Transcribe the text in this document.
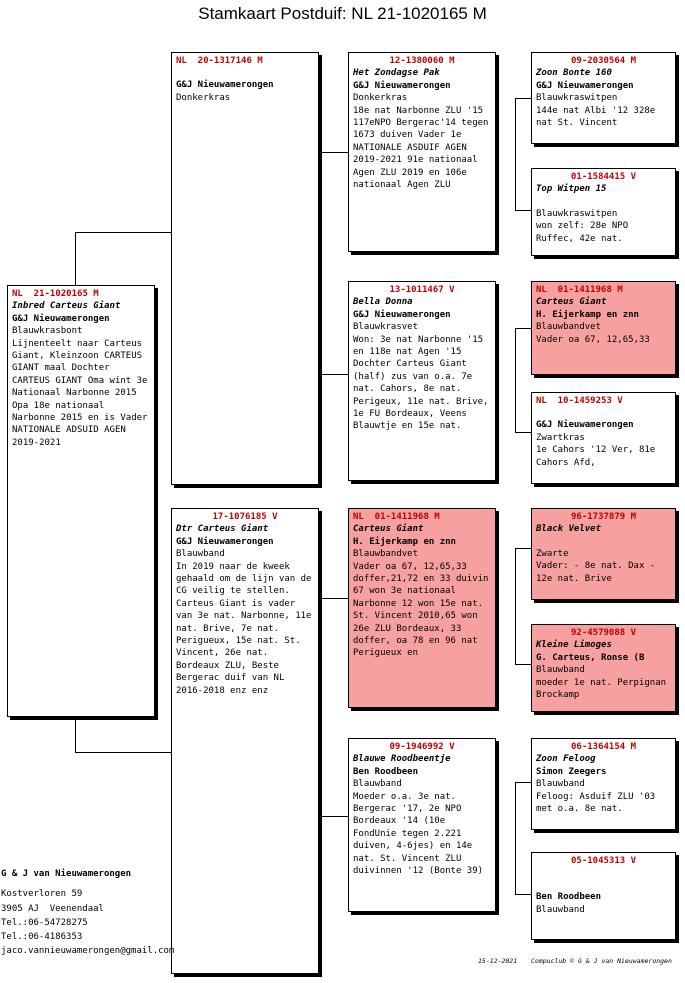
Stamkaart Postduif: NL 21-1020165 M
NL  21-1020165 M
Inbred Carteus Giant
G&J Nieuwamerongen
Blauwkrasbont
Lijnenteelt naar Carteus Giant, Kleinzoon CARTEUS GIANT maal Dochter CARTEUS GIANT Oma wint 3e Nationaal Narbonne 2015 Opa 18e nationaal Narbonne 2015 en is Vader NATIONALE ADSUID AGEN 2019-2021
NL  20-1317146 M
G&J Nieuwamerongen
Donkerkras
17-1076185 V
Dtr Carteus Giant
G&J Nieuwamerongen
Blauwband
In 2019 naar de kweek gehaald om de lijn van de CG veilig te stellen. Carteus Giant is vader van 3e nat. Narbonne, 11e nat. Brive, 7e nat. Perigueux, 15e nat. St. Vincent, 26e nat. Bordeaux ZLU, Beste Bergerac duif van NL 2016-2018 enz enz
12-1380060 M
Het Zondagse Pak
G&J Nieuwamerongen
Donkerkras
18e nat Narbonne ZLU '15 117eNPO Bergerac'14 tegen 1673 duiven Vader 1e NATIONALE ASDUIF AGEN 2019-2021 91e nationaal Agen ZLU 2019 en 106e nationaal Agen ZLU
13-1011467 V
Bella Donna
G&J Nieuwamerongen
Blauwkrasvet
Won: 3e nat Narbonne '15 en 118e nat Agen '15 Dochter Carteus Giant (half) zus van o.a. 7e nat. Cahors, 8e nat. Perigeux, 11e nat. Brive, 1e FU Bordeaux, Veens Blauwtje en 15e nat.
NL  01-1411968 M
Carteus Giant
H. Eijerkamp en znn
Blauwbandvet
Vader oa 67, 12,65,33 doffer,21,72 en 33 duivin 67 won 3e nationaal Narbonne 12 won 15e nat. St. Vincent 2010,65 won 26e ZLU Bordeaux, 33 doffer, oa 78 en 96 nat Perigueux en
09-1946992 V
Blauwe Roodbeentje
Ben Roodbeen
Blauwband
Moeder o.a. 3e nat. Bergerac '17, 2e NPO Bordeaux '14 (10e FondUnie tegen 2.221 duiven, 4-6jes) en 14e nat. St. Vincent ZLU duivinnen '12 (Bonte 39)
09-2030564 M
Zoon Bonte 160
G&J Nieuwamerongen
Blauwkraswitpen
144e nat Albi '12 328e nat St. Vincent
01-1584415 V
Top Witpen 15
Blauwkraswitpen
won zelf: 28e NPO Ruffec, 42e nat.
NL  01-1411968 M
Carteus Giant
H. Eijerkamp en znn
Blauwbandvet
Vader oa 67, 12,65,33
NL  10-1459253 V
G&J Nieuwamerongen
Zwartkras
1e Cahors '12 Ver, 81e Cahors Afd,
96-1737879 M
Black Velvet
Zwarte
Vader: - 8e nat. Dax - 12e nat. Brive
92-4579088 V
Kleine Limoges
G. Carteus, Ronse (B
Blauwband
moeder 1e nat. Perpignan Brockamp
06-1364154 M
Zoon Feloog
Simon Zeegers
Blauwband
Feloog: Asduif ZLU '03 met o.a. 8e nat.
05-1045313 V
Ben Roodbeen
Blauwband
G & J van Nieuwamerongen
Kostverloren 59
3905 AJ  Veenendaal
Tel.:06-54728275
Tel.:06-4186353
jaco.vannieuwamerongen@gmail.com
15-12-2021 Compuclub © G & J van Nieuwamerongen
